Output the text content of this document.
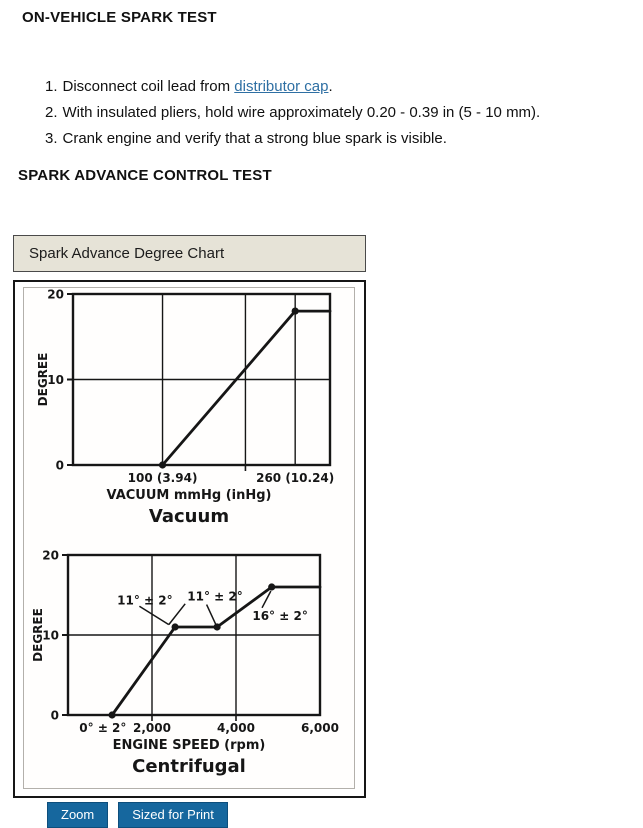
ON-VEHICLE SPARK TEST
1. Disconnect coil lead from distributor cap.
2. With insulated pliers, hold wire approximately 0.20 - 0.39 in (5 - 10 mm).
3. Crank engine and verify that a strong blue spark is visible.
SPARK ADVANCE CONTROL TEST
Spark Advance Degree Chart
0
10
20
100 (3.94)	260 (10.24)
DEGREE
VACUUM mmHg (inHg)
Vacuum
0
10
20
0° ± 2° 2,000	4,000	6,000
DEGREE
11° ± 2° 11° ± 2°
16° ± 2°
ENGINE SPEED (rpm)
Centrifugal
Zoom	Sized for Print
